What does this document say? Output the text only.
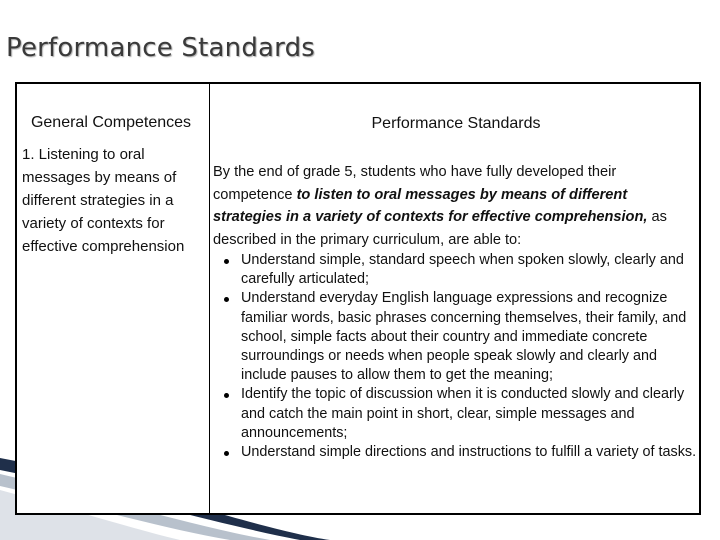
Performance Standards
General Competences
1. Listening to oral messages by means of different strategies in a variety of contexts for effective comprehension
Performance Standards
By the end of grade 5, students who have fully developed their competence to listen to oral messages by means of different strategies in a variety of contexts for effective comprehension, as described in the primary curriculum, are able to:
Understand simple, standard speech when spoken slowly, clearly and carefully articulated;
Understand everyday English language expressions and recognize familiar words, basic phrases concerning themselves, their family, and school, simple facts about their country and immediate concrete surroundings or needs when people speak slowly and clearly and include pauses to allow them to get the meaning;
Identify the topic of discussion when it is conducted slowly and clearly and catch the main point in short, clear, simple messages and announcements;
Understand simple directions and instructions to fulfill a variety of tasks.
